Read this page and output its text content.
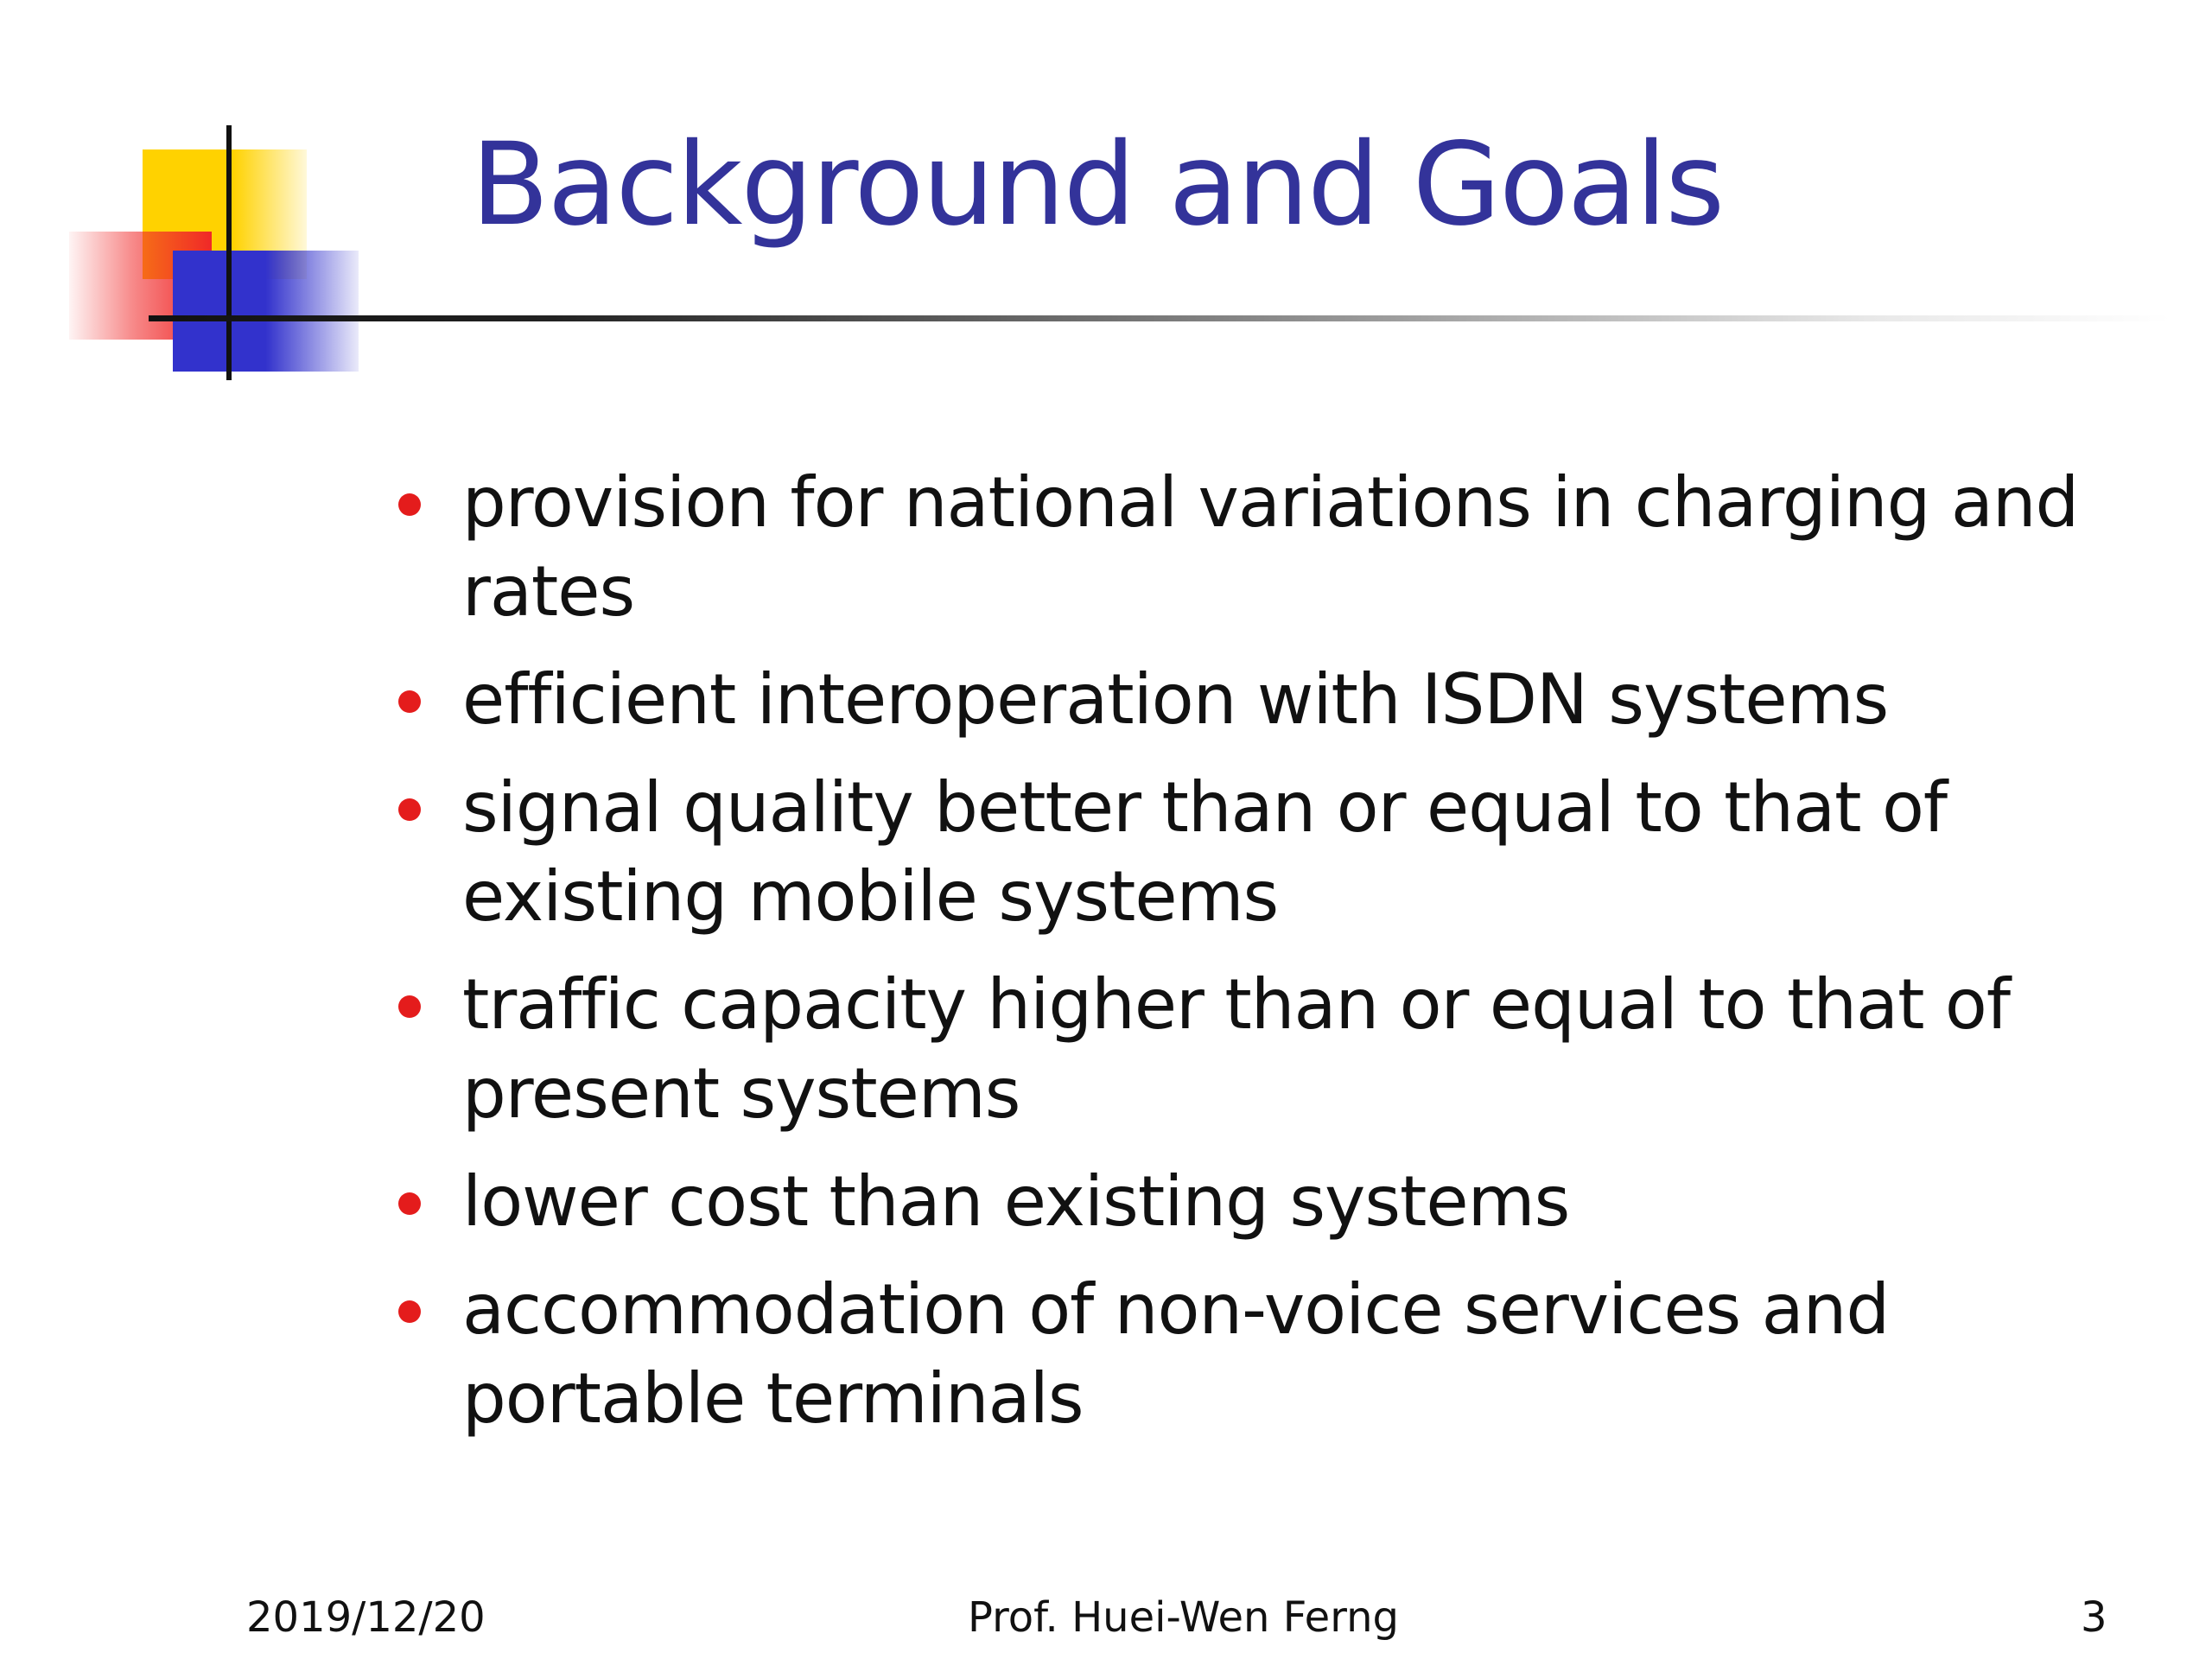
Background and Goals
provision for national variations in charging and rates
efficient interoperation with ISDN systems
signal quality better than or equal to that of existing mobile systems
traffic capacity higher than or equal to that of present systems
lower cost than existing systems
accommodation of non-voice services and portable terminals
2019/12/20	Prof. Huei-Wen Ferng	3
